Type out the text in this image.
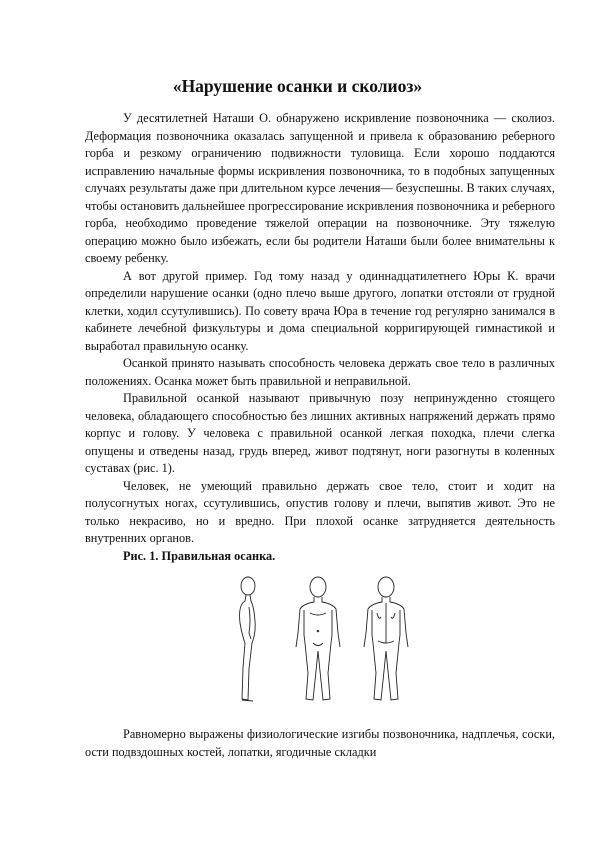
«Нарушение осанки и сколиоз»

У десятилетней Наташи О. обнаружено искривление позвоночника — сколиоз. Деформация позвоночника оказалась запущенной и привела к образованию реберного горба и резкому ограничению подвижности туловища. Если хорошо поддаются исправлению начальные формы искривления позвоночника, то в подобных запущенных случаях результаты даже при длительном курсе лечения— безуспешны. В таких случаях, чтобы остановить дальнейшее прогрессирование искривления позвоночника и реберного горба, необходимо проведение тяжелой операции на позвоночнике. Эту тяжелую операцию можно было избежать, если бы родители Наташи были более внимательны к своему ребенку.

А вот другой пример. Год тому назад у одиннадцатилетнего Юры К. врачи определили нарушение осанки (одно плечо выше другого, лопатки отстояли от грудной клетки, ходил ссутулившись). По совету врача Юра в течение год регулярно занимался в кабинете лечебной физкультуры и дома специальной корригирующей гимнастикой и выработал правильную осанку.

Осанкой принято называть способность человека держать свое тело в различных положениях. Осанка может быть правильной и неправильной.

Правильной осанкой называют привычную позу непринужденно стоящего человека, обладающего способностью без лишних активных напряжений держать прямо корпус и голову. У человека с правильной осанкой легкая походка, плечи слегка опущены и отведены назад, грудь вперед, живот подтянут, ноги разогнуты в коленных суставах (рис. 1).

Человек, не умеющий правильно держать свое тело, стоит и ходит на полусогнутых ногах, ссутулившись, опустив голову и плечи, выпятив живот. Это не только некрасиво, но и вредно. При плохой осанке затрудняется деятельность внутренних органов.

Рис. 1. Правильная осанка.

Равномерно выражены физиологические изгибы позвоночника, надплечья, соски, ости подвздошных костей, лопатки, ягодичные складки
